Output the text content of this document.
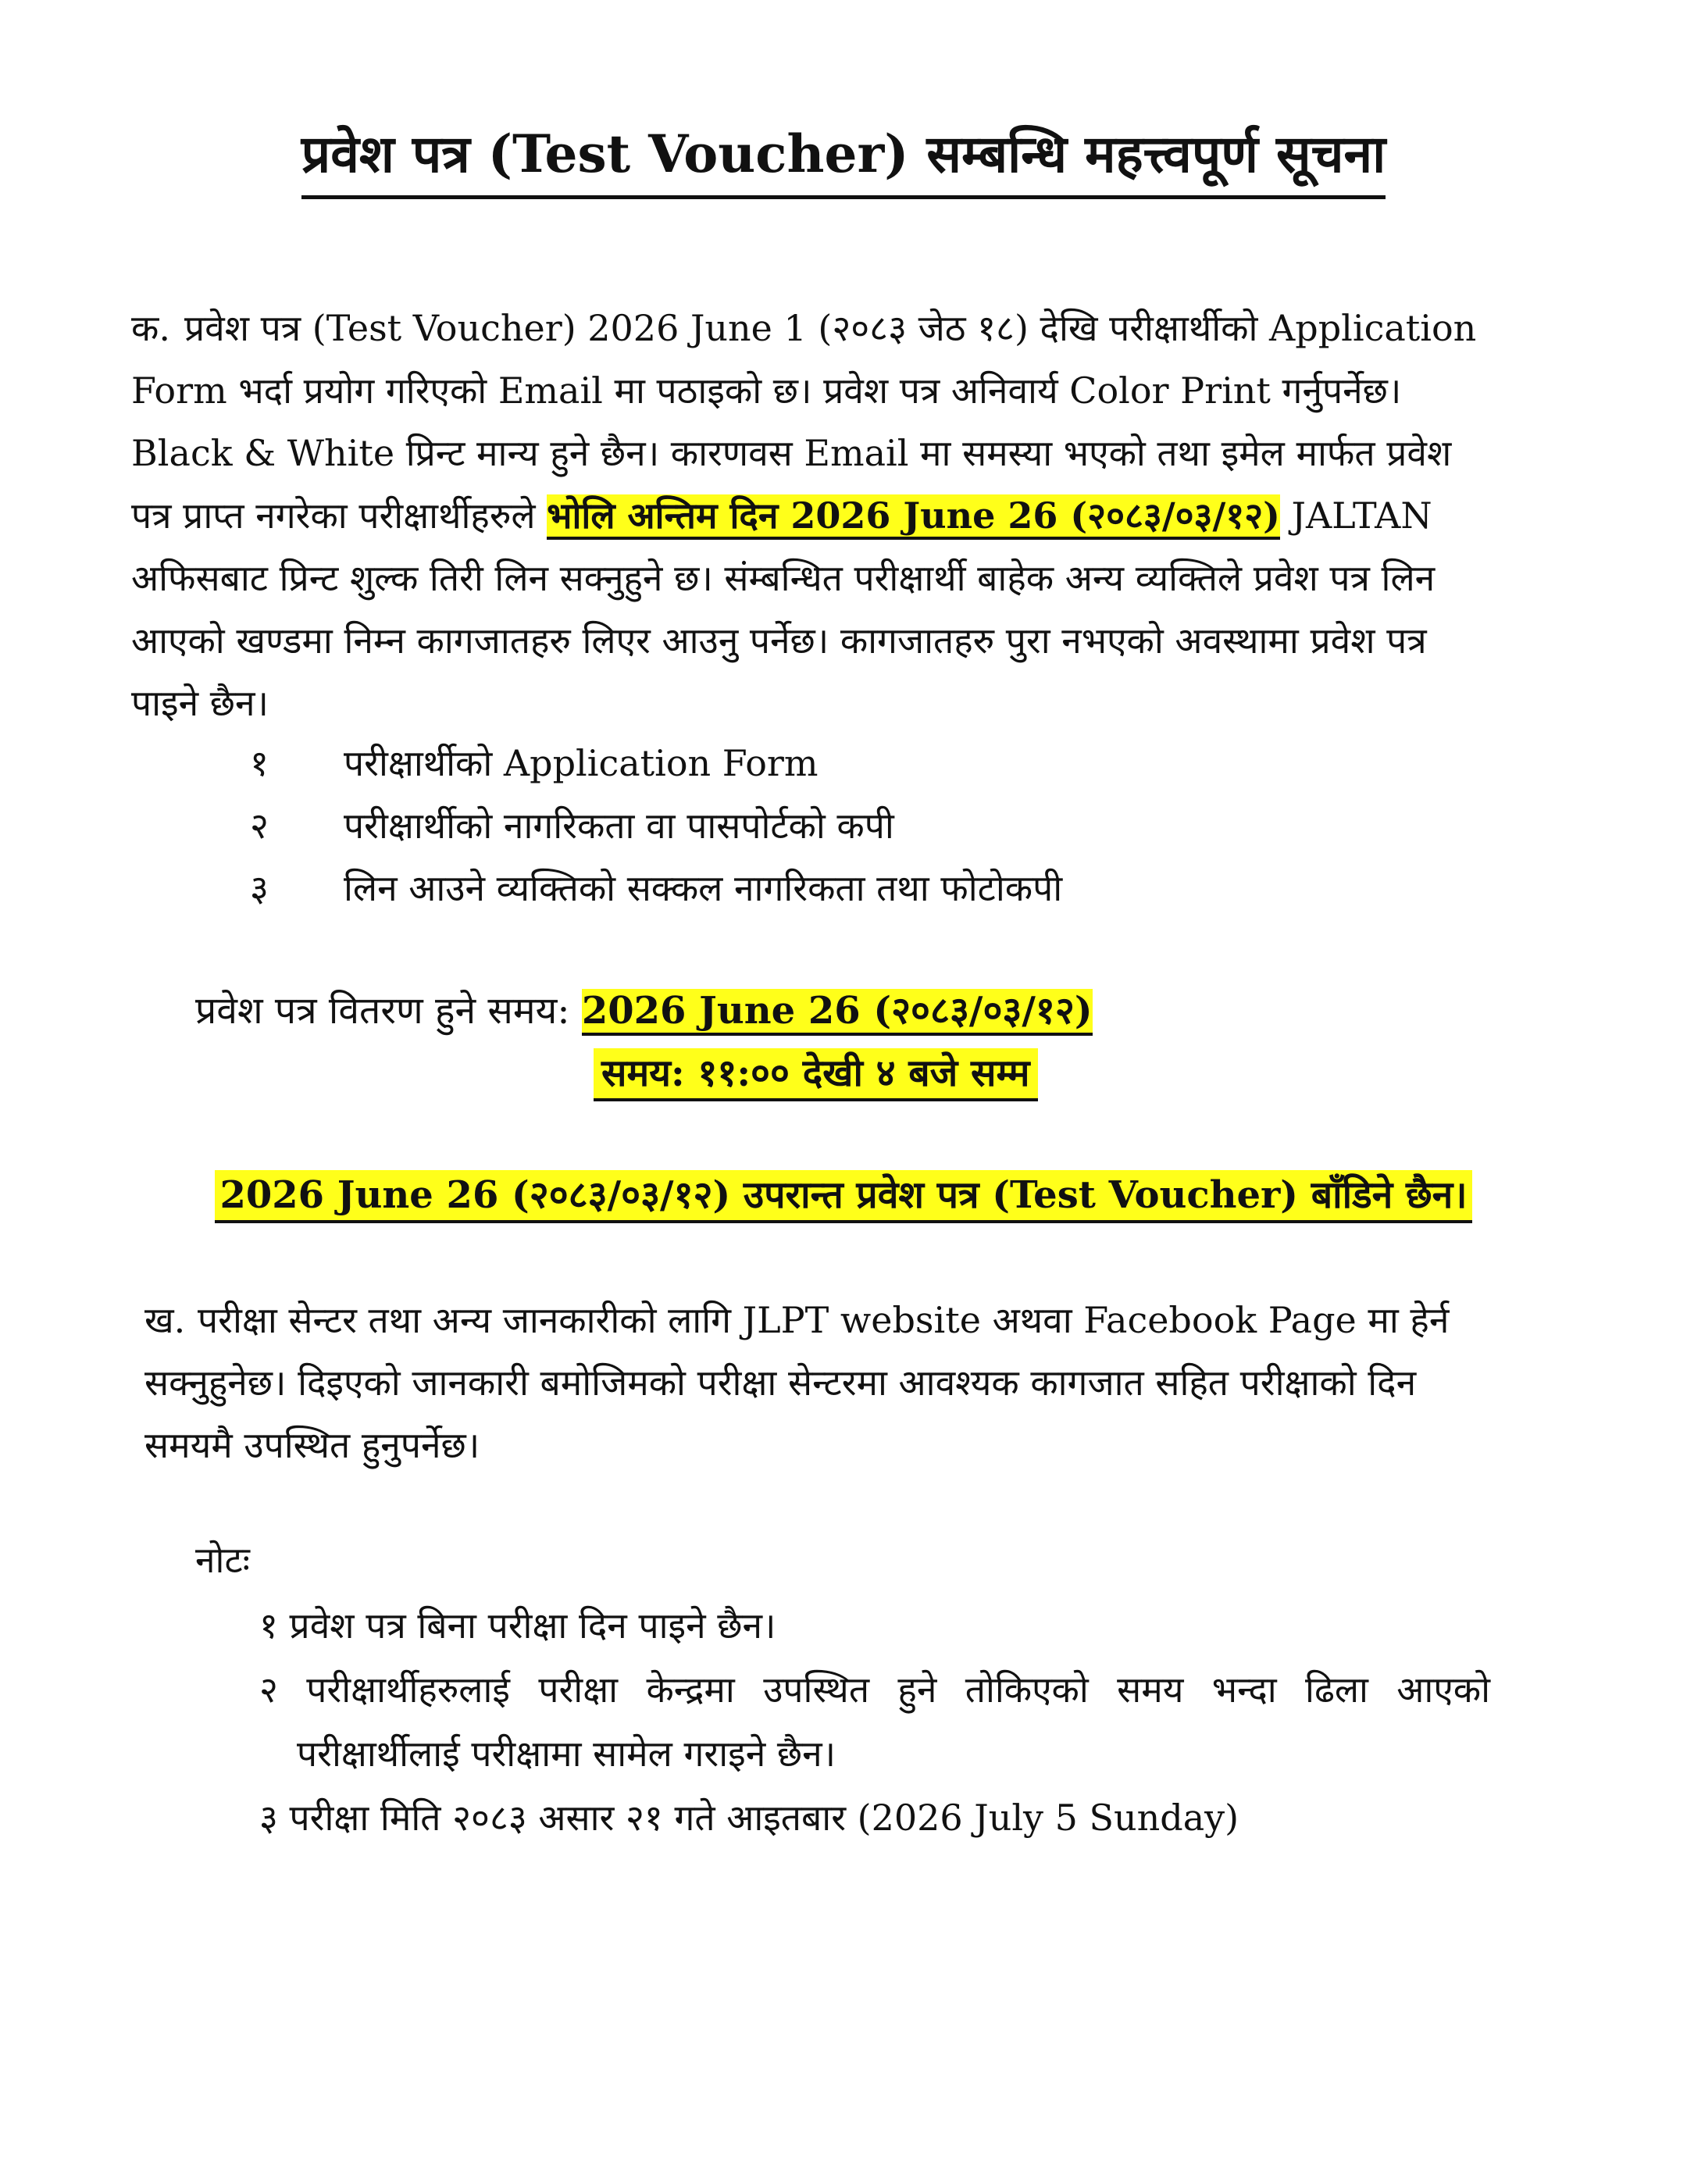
प्रवेश पत्र (Test Voucher) सम्बन्धि महत्त्वपूर्ण सूचना
क. प्रवेश पत्र (Test Voucher) 2026 June 1 (२०८३ जेठ १८) देखि परीक्षार्थीको Application Form भर्दा प्रयोग गरिएको Email मा पठाइको छ। प्रवेश पत्र अनिवार्य Color Print गर्नुपर्नेछ। Black & White प्रिन्ट मान्य हुने छैन। कारणवस Email मा समस्या भएको तथा इमेल मार्फत प्रवेश पत्र प्राप्त नगरेका परीक्षार्थीहरुले भोलि अन्तिम दिन 2026 June 26 (२०८३/०३/१२) JALTAN अफिसबाट प्रिन्ट शुल्क तिरी लिन सक्नुहुने छ। संम्बन्धित परीक्षार्थी बाहेक अन्य व्यक्तिले प्रवेश पत्र लिन आएको खण्डमा निम्न कागजातहरु लिएर आउनु पर्नेछ। कागजातहरु पुरा नभएको अवस्थामा प्रवेश पत्र पाइने छैन।
१	परीक्षार्थीको Application Form
२	परीक्षार्थीको नागरिकता वा पासपोर्टको कपी
३	लिन आउने व्यक्तिको सक्कल नागरिकता तथा फोटोकपी
प्रवेश पत्र वितरण हुने समय: 2026 June 26 (२०८३/०३/१२)
समय: ११:०० देखी ४ बजे सम्म
2026 June 26 (२०८३/०३/१२) उपरान्त प्रवेश पत्र (Test Voucher) बाँडिने छैन।
ख. परीक्षा सेन्टर तथा अन्य जानकारीको लागि JLPT website अथवा Facebook Page मा हेर्न सक्नुहुनेछ। दिइएको जानकारी बमोजिमको परीक्षा सेन्टरमा आवश्यक कागजात सहित परीक्षाको दिन समयमै उपस्थित हुनुपर्नेछ।
नोटः
१ प्रवेश पत्र बिना परीक्षा दिन पाइने छैन।
२ परीक्षार्थीहरुलाई परीक्षा केन्द्रमा उपस्थित हुने तोकिएको समय भन्दा ढिला आएको
परीक्षार्थीलाई परीक्षामा सामेल गराइने छैन।
३ परीक्षा मिति २०८३ असार २१ गते आइतबार (2026 July 5 Sunday)
